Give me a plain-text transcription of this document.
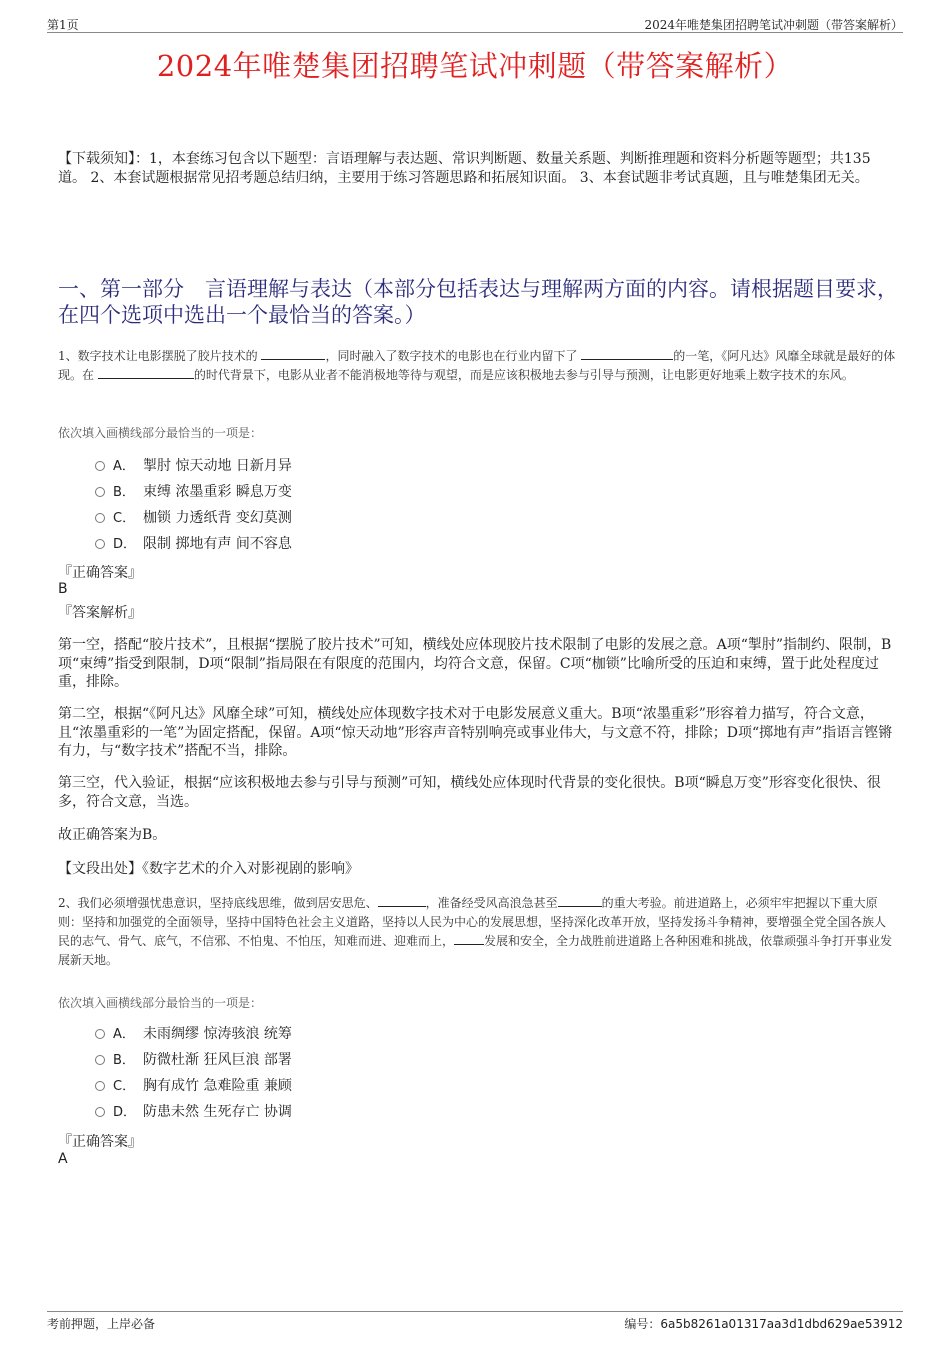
第1页	2024年唯楚集团招聘笔试冲刺题（带答案解析）
2024年唯楚集团招聘笔试冲刺题（带答案解析）
【下载须知】：1，本套练习包含以下题型：言语理解与表达题、常识判断题、数量关系题、判断推理题和资料分析题等题型；共135道。 2、本套试题根据常见招考题总结归纳，主要用于练习答题思路和拓展知识面。 3、本套试题非考试真题，且与唯楚集团无关。
一、第一部分　言语理解与表达（本部分包括表达与理解两方面的内容。请根据题目要求，在四个选项中选出一个最恰当的答案。）
1、数字技术让电影摆脱了胶片技术的	，同时融入了数字技术的电影也在行业内留下了	的一笔，《阿凡达》风靡全球就是最好的体现。在	的时代背景下，电影从业者不能消极地等待与观望，而是应该积极地去参与引导与预测，让电影更好地乘上数字技术的东风。
依次填入画横线部分最恰当的一项是：
A． 掣肘 惊天动地 日新月异
B． 束缚 浓墨重彩 瞬息万变
C． 枷锁 力透纸背 变幻莫测
D． 限制 掷地有声 间不容息
『正确答案』
B
『答案解析』
第一空，搭配“胶片技术”，且根据“摆脱了胶片技术”可知，横线处应体现胶片技术限制了电影的发展之意。A项“掣肘”指制约、限制，B项“束缚”指受到限制，D项“限制”指局限在有限度的范围内，均符合文意，保留。C项“枷锁”比喻所受的压迫和束缚，置于此处程度过重，排除。
第二空，根据“《阿凡达》风靡全球”可知，横线处应体现数字技术对于电影发展意义重大。B项“浓墨重彩”形容着力描写，符合文意，且“浓墨重彩的一笔”为固定搭配，保留。A项“惊天动地”形容声音特别响亮或事业伟大，与文意不符，排除；D项“掷地有声”指语言铿锵有力，与“数字技术”搭配不当，排除。
第三空，代入验证，根据“应该积极地去参与引导与预测”可知，横线处应体现时代背景的变化很快。B项“瞬息万变”形容变化很快、很多，符合文意，当选。
故正确答案为B。
【文段出处】《数字艺术的介入对影视剧的影响》
2、我们必须增强忧患意识，坚持底线思维，做到居安思危、	，准备经受风高浪急甚至	的重大考验。前进道路上，必须牢牢把握以下重大原则：坚持和加强党的全面领导，坚持中国特色社会主义道路，坚持以人民为中心的发展思想，坚持深化改革开放，坚持发扬斗争精神，要增强全党全国各族人民的志气、骨气、底气，不信邪、不怕鬼、不怕压，知难而进、迎难而上，	发展和安全，全力战胜前进道路上各种困难和挑战，依靠顽强斗争打开事业发展新天地。
依次填入画横线部分最恰当的一项是：
A． 未雨绸缪 惊涛骇浪 统筹
B． 防微杜渐 狂风巨浪 部署
C． 胸有成竹 急难险重 兼顾
D． 防患未然 生死存亡 协调
『正确答案』
A
考前押题，上岸必备	编号：6a5b8261a01317aa3d1dbd629ae53912
